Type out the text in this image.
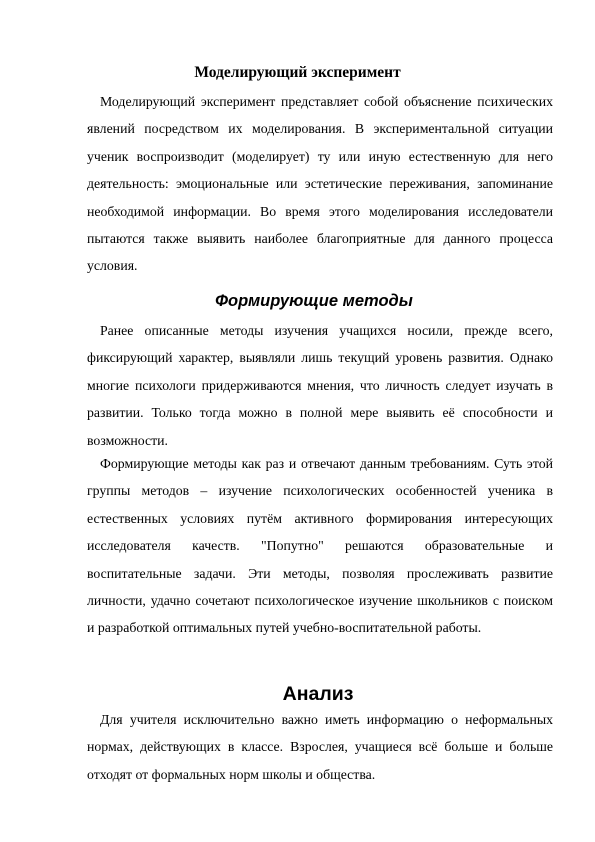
Моделирующий эксперимент

Моделирующий эксперимент представляет собой объяснение психических явлений посредством их моделирования. В экспериментальной ситуации ученик воспроизводит (моделирует) ту или иную естественную для него деятельность: эмоциональные или эстетические переживания, запоминание необходимой информации. Во время этого моделирования исследователи пытаются также выявить наиболее благоприятные для данного процесса условия.

Формирующие методы

Ранее описанные методы изучения учащихся носили, прежде всего, фиксирующий характер, выявляли лишь текущий уровень развития. Однако многие психологи придерживаются мнения, что личность следует изучать в развитии. Только тогда можно в полной мере выявить её способности и возможности.

Формирующие методы как раз и отвечают данным требованиям. Суть этой группы методов – изучение психологических особенностей ученика в естественных условиях путём активного формирования интересующих исследователя качеств. "Попутно" решаются образовательные и воспитательные задачи. Эти методы, позволяя прослеживать развитие личности, удачно сочетают психологическое изучение школьников с поиском и разработкой оптимальных путей учебно-воспитательной работы.

Анализ

Для учителя исключительно важно иметь информацию о неформальных нормах, действующих в классе. Взрослея, учащиеся всё больше и больше отходят от формальных норм школы и общества.
